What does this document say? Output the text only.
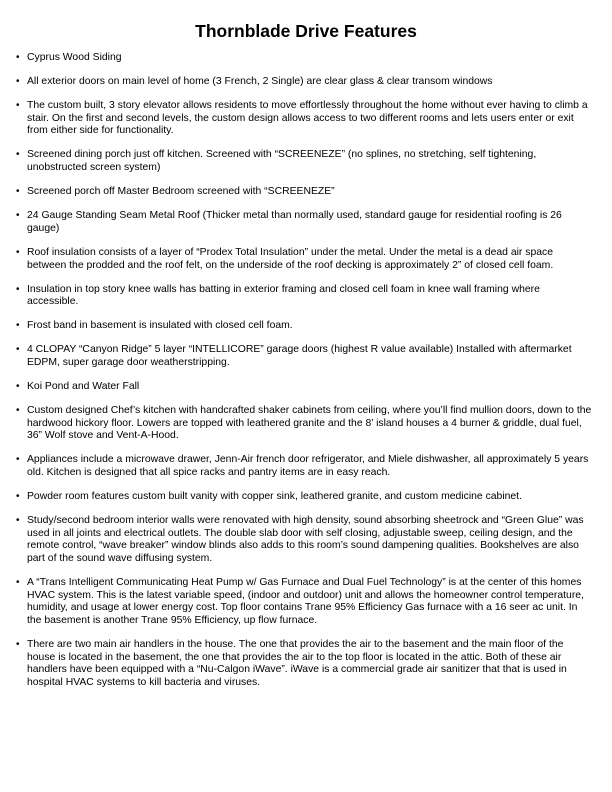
Thornblade Drive Features
• Cyprus Wood Siding
• All exterior doors on main level of home (3 French, 2 Single) are clear glass & clear transom windows
• The custom built, 3 story elevator allows residents to move effortlessly throughout the home without ever having to climb a stair. On the first and second levels, the custom design allows access to two different rooms and lets users enter or exit from either side for functionality.
• Screened dining porch just off kitchen. Screened with “SCREENEZE” (no splines, no stretching, self tightening, unobstructed screen system)
• Screened porch off Master Bedroom screened with “SCREENEZE”
• 24 Gauge Standing Seam Metal Roof (Thicker metal than normally used, standard gauge for residential roofing is 26 gauge)
• Roof insulation consists of a layer of “Prodex Total Insulation” under the metal. Under the metal is a dead air space between the prodded and the roof felt, on the underside of the roof decking is approximately 2” of closed cell foam.
• Insulation in top story knee walls has batting in exterior framing and closed cell foam in knee wall framing where accessible.
• Frost band in basement is insulated with closed cell foam.
• 4 CLOPAY “Canyon Ridge” 5 layer “INTELLICORE” garage doors (highest R value available) Installed with aftermarket EDPM, super garage door weatherstripping.
• Koi Pond and Water Fall
• Custom designed Chef’s kitchen with handcrafted shaker cabinets from ceiling, where you’ll find mullion doors, down to the hardwood hickory floor. Lowers are topped with leathered granite and the 8’ island houses a 4 burner & griddle, dual fuel, 36” Wolf stove and Vent-A-Hood.
• Appliances include a microwave drawer, Jenn-Air french door refrigerator, and Miele dishwasher, all approximately 5 years old. Kitchen is designed that all spice racks and pantry items are in easy reach.
• Powder room features custom built vanity with copper sink, leathered granite, and custom medicine cabinet.
• Study/second bedroom interior walls were renovated with high density, sound absorbing sheetrock and “Green Glue” was used in all joints and electrical outlets. The double slab door with self closing, adjustable sweep, ceiling design, and the remote control, “wave breaker” window blinds also adds to this room’s sound dampening qualities. Bookshelves are also part of the sound wave diffusing system.
• A “Trans Intelligent Communicating Heat Pump w/ Gas Furnace and Dual Fuel Technology” is at the center of this homes HVAC system. This is the latest variable speed, (indoor and outdoor) unit and allows the homeowner control temperature, humidity, and usage at lower energy cost. Top floor contains Trane 95% Efficiency Gas furnace with a 16 seer ac unit. In the basement is another Trane 95% Efficiency, up flow furnace.
• There are two main air handlers in the house. The one that provides the air to the basement and the main floor of the house is located in the basement, the one that provides the air to the top floor is located in the attic. Both of these air handlers have been equipped with a “Nu-Calgon iWave”. iWave is a commercial grade air sanitizer that that is used in hospital HVAC systems to kill bacteria and viruses.
